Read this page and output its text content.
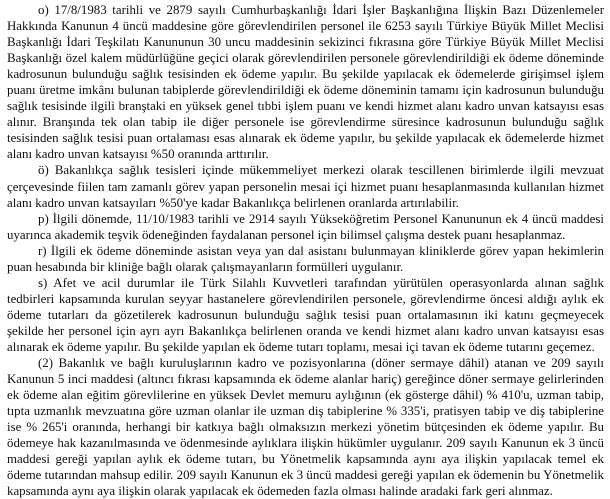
o) 17/8/1983 tarihli ve 2879 sayılı Cumhurbaşkanlığı İdari İşler Başkanlığına İlişkin Bazı Düzenlemeler Hakkında Kanunun 4 üncü maddesine göre görevlendirilen personel ile 6253 sayılı Türkiye Büyük Millet Meclisi Başkanlığı İdari Teşkilatı Kanununun 30 uncu maddesinin sekizinci fıkrasına göre Türkiye Büyük Millet Meclisi Başkanlığı özel kalem müdürlüğüne geçici olarak görevlendirilen personele görevlendirildiği ek ödeme döneminde kadrosunun bulunduğu sağlık tesisinden ek ödeme yapılır. Bu şekilde yapılacak ek ödemelerde girişimsel işlem puanı üretme imkânı bulunan tabiplerde görevlendirildiği ek ödeme döneminin tamamı için kadrosunun bulunduğu sağlık tesisinde ilgili branştaki en yüksek genel tıbbi işlem puanı ve kendi hizmet alanı kadro unvan katsayısı esas alınır. Branşında tek olan tabip ile diğer personele ise görevlendirme süresince kadrosunun bulunduğu sağlık tesisinden sağlık tesisi puan ortalaması esas alınarak ek ödeme yapılır, bu şekilde yapılacak ek ödemelerde hizmet alanı kadro unvan katsayısı %50 oranında arttırılır.

ö) Bakanlıkça sağlık tesisleri içinde mükemmeliyet merkezi olarak tescillenen birimlerde ilgili mevzuat çerçevesinde fiilen tam zamanlı görev yapan personelin mesai içi hizmet puanı hesaplanmasında kullanılan hizmet alanı kadro unvan katsayıları %50'ye kadar Bakanlıkça belirlenen oranlarda artırılabilir.

p) İlgili dönemde, 11/10/1983 tarihli ve 2914 sayılı Yükseköğretim Personel Kanununun ek 4 üncü maddesi uyarınca akademik teşvik ödeneğinden faydalanan personel için bilimsel çalışma destek puanı hesaplanmaz.

r) İlgili ek ödeme döneminde asistan veya yan dal asistanı bulunmayan kliniklerde görev yapan hekimlerin puan hesabında bir kliniğe bağlı olarak çalışmayanların formülleri uygulanır.

s) Afet ve acil durumlar ile Türk Silahlı Kuvvetleri tarafından yürütülen operasyonlarda alınan sağlık tedbirleri kapsamında kurulan seyyar hastanelere görevlendirilen personele, görevlendirme öncesi aldığı aylık ek ödeme tutarları da gözetilerek kadrosunun bulunduğu sağlık tesisi puan ortalamasının iki katını geçmeyecek şekilde her personel için ayrı ayrı Bakanlıkça belirlenen oranda ve kendi hizmet alanı kadro unvan katsayısı esas alınarak ek ödeme yapılır. Bu şekilde yapılan ek ödeme tutarı toplamı, mesai içi tavan ek ödeme tutarını geçemez.

(2) Bakanlık ve bağlı kuruluşlarının kadro ve pozisyonlarına (döner sermaye dâhil) atanan ve 209 sayılı Kanunun 5 inci maddesi (altıncı fıkrası kapsamında ek ödeme alanlar hariç) gereğince döner sermaye gelirlerinden ek ödeme alan eğitim görevlilerine en yüksek Devlet memuru aylığının (ek gösterge dâhil) % 410'u, uzman tabip, tıpta uzmanlık mevzuatına göre uzman olanlar ile uzman diş tabiplerine % 335'i, pratisyen tabip ve diş tabiplerine ise % 265'i oranında, herhangi bir katkıya bağlı olmaksızın merkezi yönetim bütçesinden ek ödeme yapılır. Bu ödemeye hak kazanılmasında ve ödenmesinde aylıklara ilişkin hükümler uygulanır. 209 sayılı Kanunun ek 3 üncü maddesi gereği yapılan aylık ek ödeme tutarı, bu Yönetmelik kapsamında aynı aya ilişkin yapılacak temel ek ödeme tutarından mahsup edilir. 209 sayılı Kanunun ek 3 üncü maddesi gereği yapılan ek ödemenin bu Yönetmelik kapsamında aynı aya ilişkin olarak yapılacak ek ödemeden fazla olması halinde aradaki fark geri alınmaz.
